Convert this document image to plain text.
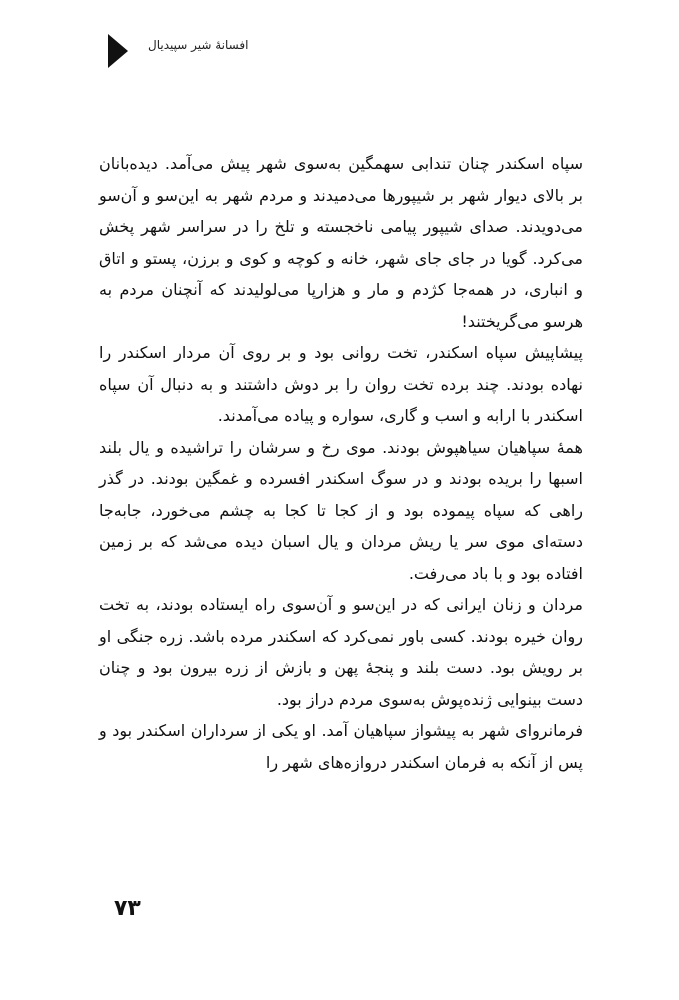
افسانهٔ شیر سپیدیال

سپاه اسکندر چنان تندابی سهمگین به‌سوی شهر پیش می‌آمد. دیده‌بانان بر بالای دیوار شهر بر شیپورها می‌دمیدند و مردم شهر به این‌سو و آن‌سو می‌دویدند. صدای شیپور پیامی ناخجسته و تلخ را در سراسر شهر پخش می‌کرد. گویا در جای جای شهر، خانه و کوچه و کوی و برزن، پستو و اتاق و انباری، در همه‌جا کژدم و مار و هزارپا می‌لولیدند که آنچنان مردم به هرسو می‌گریختند!

پیشاپیش سپاه اسکندر، تخت روانی بود و بر روی آن مردار اسکندر را نهاده بودند. چند برده تخت روان را بر دوش داشتند و به دنبال آن سپاه اسکندر با ارابه و اسب و گاری، سواره و پیاده می‌آمدند.

همهٔ سپاهیان سیاهپوش بودند. موی رخ و سرشان را تراشیده و یال بلند اسبها را بریده بودند و در سوگ اسکندر افسرده و غمگین بودند. در گذر راهی که سپاه پیموده بود و از کجا تا کجا به چشم می‌خورد، جابه‌جا دسته‌ای موی سر یا ریش مردان و یال اسبان دیده می‌شد که بر زمین افتاده بود و با باد می‌رفت.

مردان و زنان ایرانی که در این‌سو و آن‌سوی راه ایستاده بودند، به تخت روان خیره بودند. کسی باور نمی‌کرد که اسکندر مرده باشد. زره جنگی او بر رویش بود. دست بلند و پنجهٔ پهن و بازش از زره بیرون بود و چنان دست بینوایی ژنده‌پوش به‌سوی مردم دراز بود.

فرمانروای شهر به پیشواز سپاهیان آمد. او یکی از سرداران اسکندر بود و پس از آنکه به فرمان اسکندر دروازه‌های شهر را

۷۳
